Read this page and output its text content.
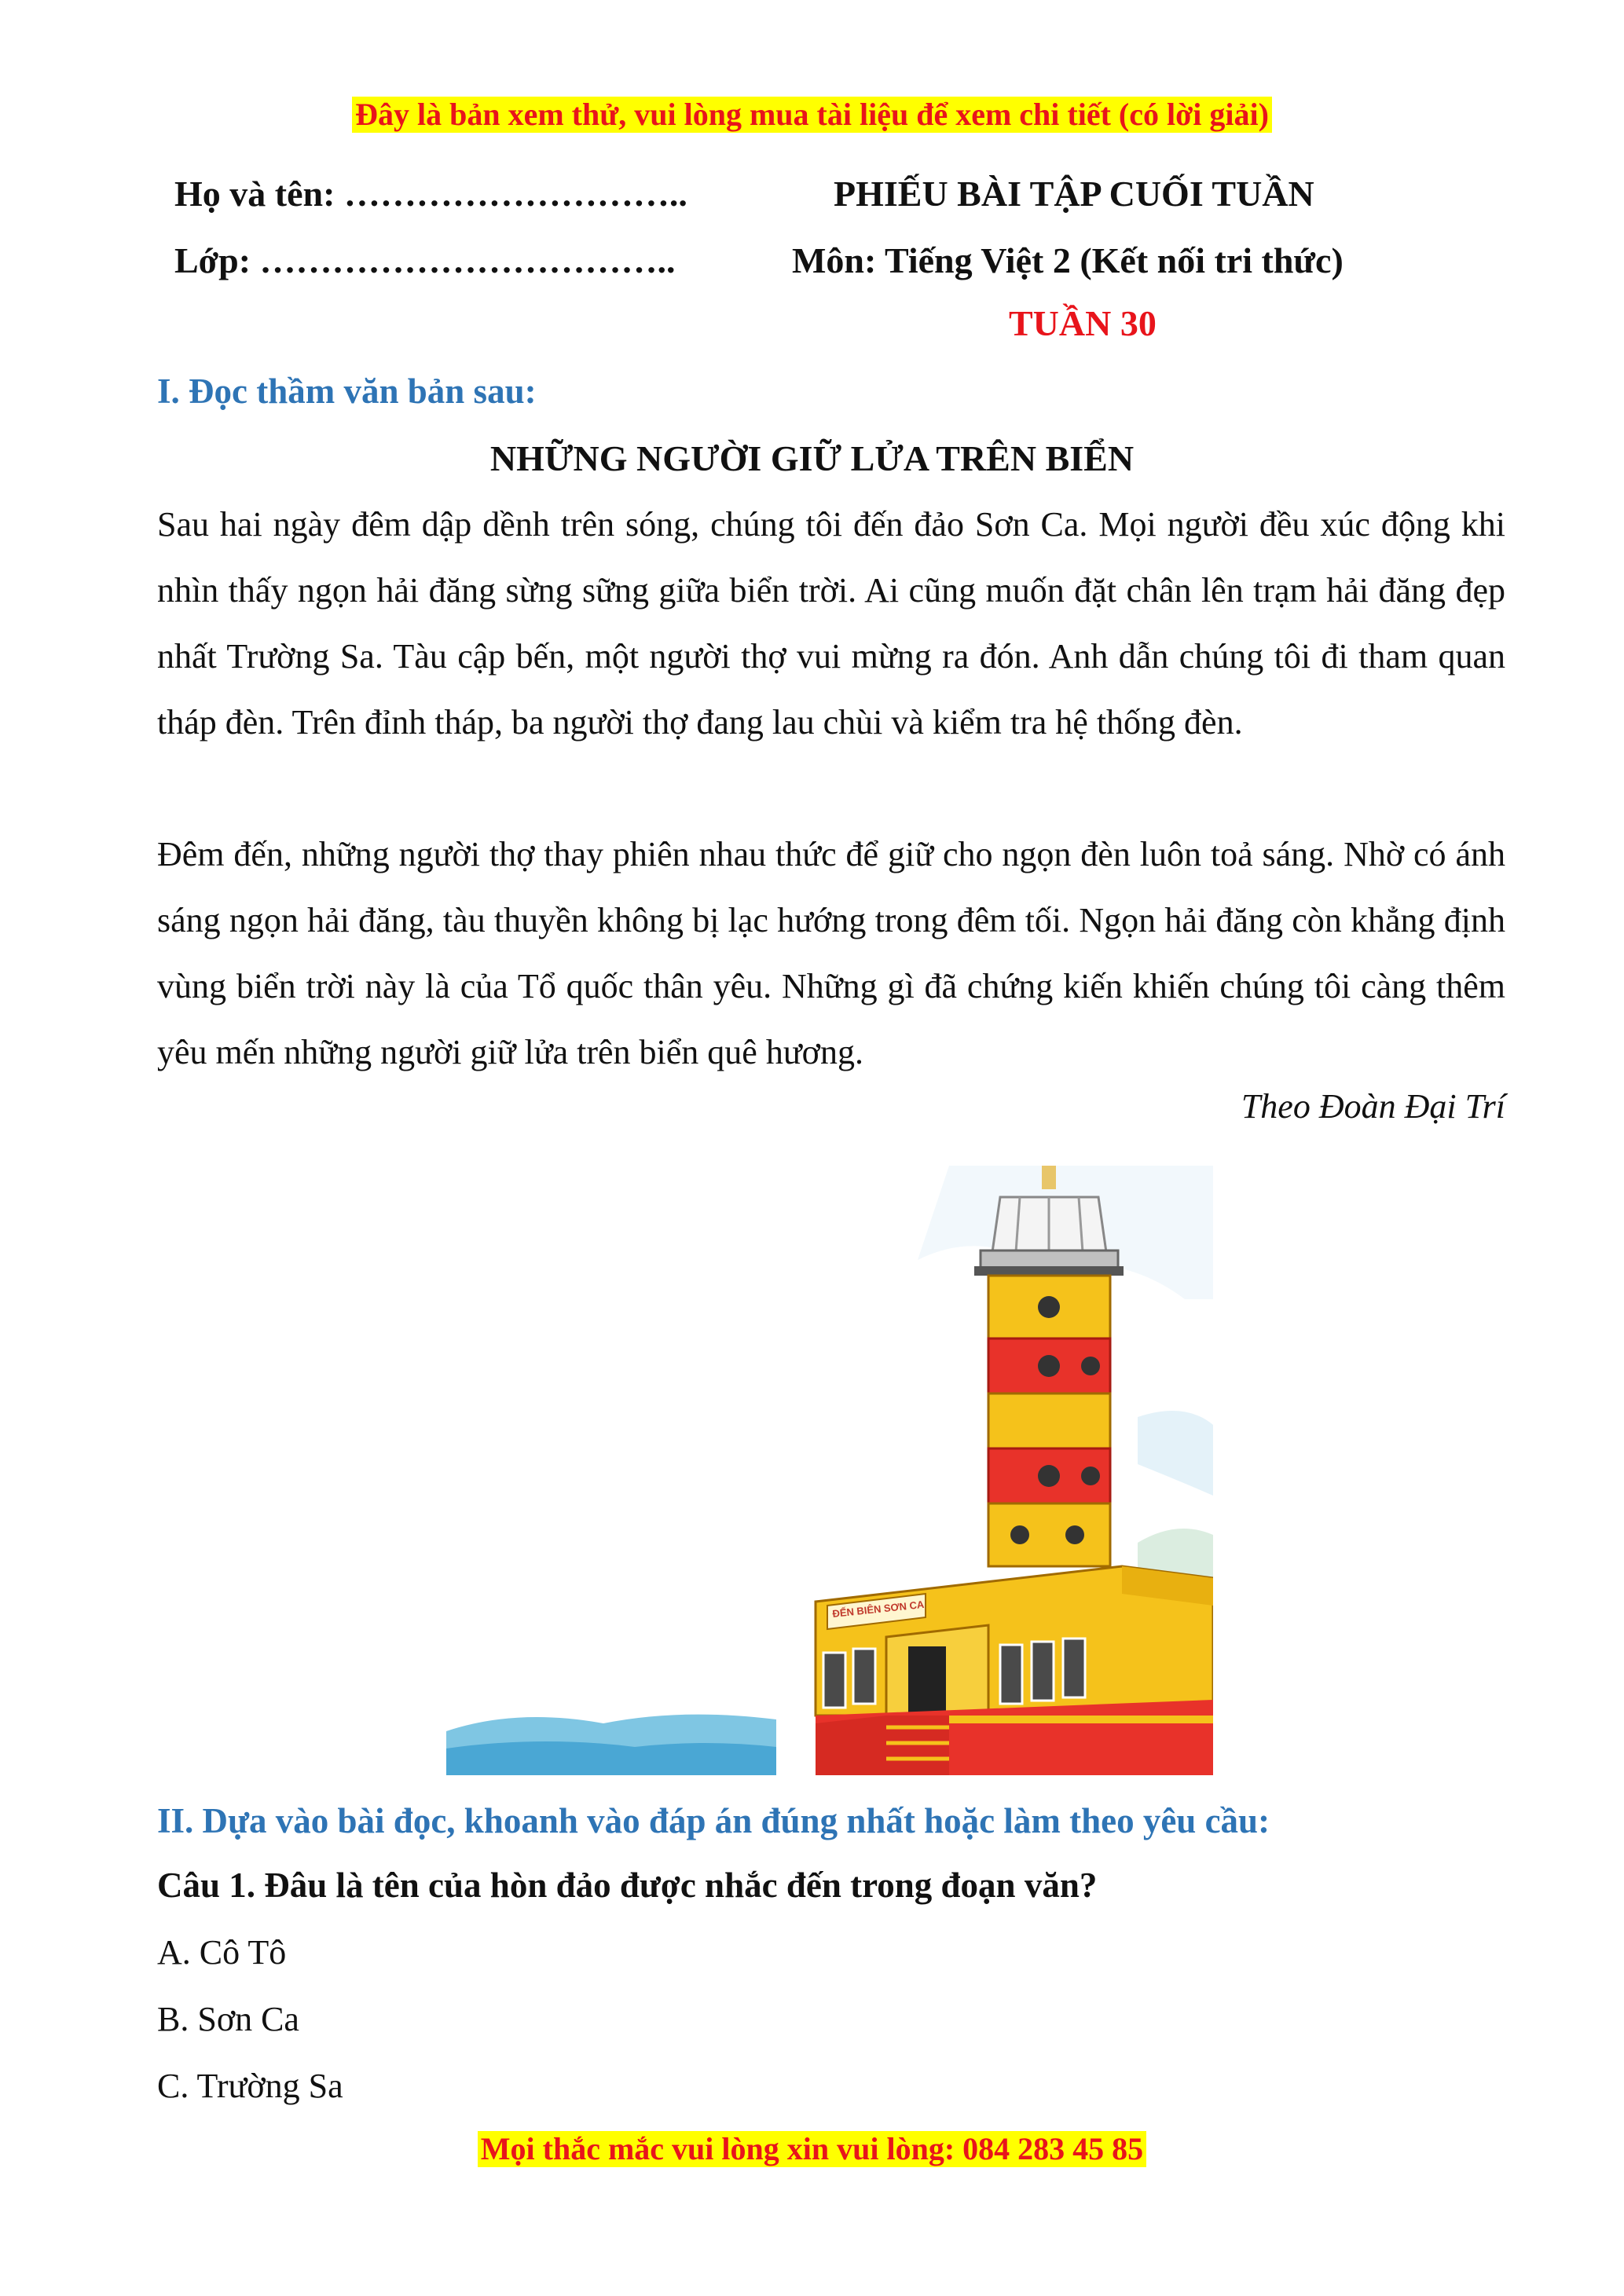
Đây là bản xem thử, vui lòng mua tài liệu để xem chi tiết (có lời giải)
Họ và tên: ………………………..
Lớp: ……………………………..
PHIẾU BÀI TẬP CUỐI TUẦN
Môn: Tiếng Việt 2 (Kết nối tri thức)
TUẦN 30
I. Đọc thầm văn bản sau:
NHỮNG NGƯỜI GIỮ LỬA TRÊN BIỂN

Sau hai ngày đêm dập dềnh trên sóng, chúng tôi đến đảo Sơn Ca. Mọi người đều xúc động khi nhìn thấy ngọn hải đăng sừng sững giữa biển trời. Ai cũng muốn đặt chân lên trạm hải đăng đẹp nhất Trường Sa. Tàu cập bến, một người thợ vui mừng ra đón. Anh dẫn chúng tôi đi tham quan tháp đèn. Trên đỉnh tháp, ba người thợ đang lau chùi và kiểm tra hệ thống đèn.

Đêm đến, những người thợ thay phiên nhau thức để giữ cho ngọn đèn luôn toả sáng. Nhờ có ánh sáng ngọn hải đăng, tàu thuyền không bị lạc hướng trong đêm tối. Ngọn hải đăng còn khẳng định vùng biển trời này là của Tổ quốc thân yêu. Những gì đã chứng kiến khiến chúng tôi càng thêm yêu mến những người giữ lửa trên biển quê hương.

Theo Đoàn Đại Trí
ĐẾN BIÊN SƠN CA
II. Dựa vào bài đọc, khoanh vào đáp án đúng nhất hoặc làm theo yêu cầu:
Câu 1. Đâu là tên của hòn đảo được nhắc đến trong đoạn văn?
A. Cô Tô
B. Sơn Ca
C. Trường Sa
Mọi thắc mắc vui lòng xin vui lòng: 084 283 45 85
